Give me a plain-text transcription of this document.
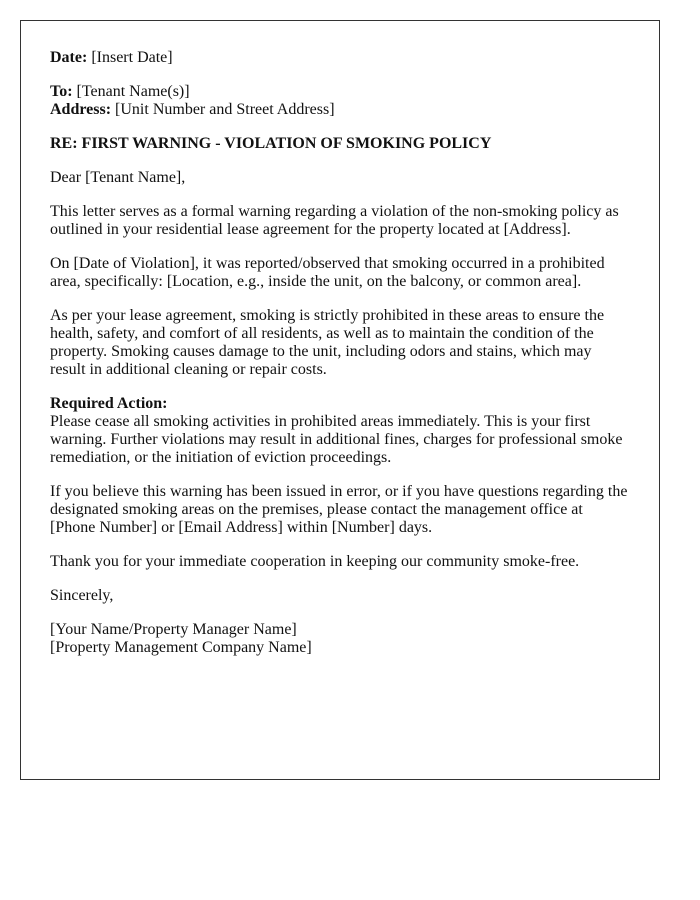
Date: [Insert Date]
To: [Tenant Name(s)]
Address: [Unit Number and Street Address]
RE: FIRST WARNING - VIOLATION OF SMOKING POLICY

Dear [Tenant Name],

This letter serves as a formal warning regarding a violation of the non-smoking policy as outlined in your residential lease agreement for the property located at [Address].

On [Date of Violation], it was reported/observed that smoking occurred in a prohibited area, specifically: [Location, e.g., inside the unit, on the balcony, or common area].

As per your lease agreement, smoking is strictly prohibited in these areas to ensure the health, safety, and comfort of all residents, as well as to maintain the condition of the property. Smoking causes damage to the unit, including odors and stains, which may result in additional cleaning or repair costs.

Required Action:
Please cease all smoking activities in prohibited areas immediately. This is your first warning. Further violations may result in additional fines, charges for professional smoke remediation, or the initiation of eviction proceedings.

If you believe this warning has been issued in error, or if you have questions regarding the designated smoking areas on the premises, please contact the management office at [Phone Number] or [Email Address] within [Number] days.

Thank you for your immediate cooperation in keeping our community smoke-free.

Sincerely,

[Your Name/Property Manager Name]
[Property Management Company Name]
